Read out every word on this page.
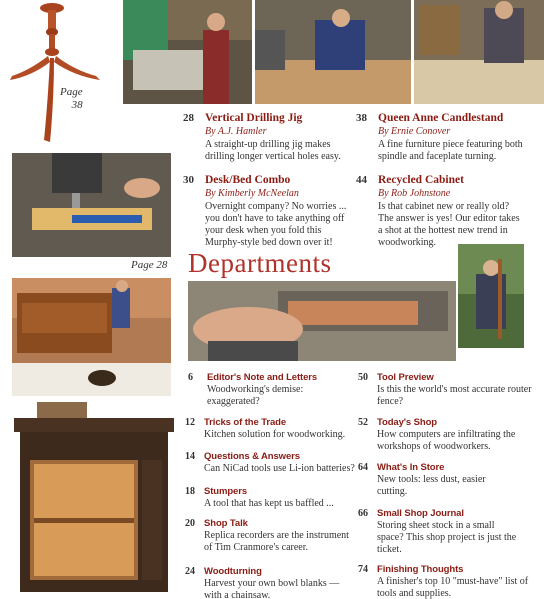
Page
38
Page 28
28 Vertical Drilling Jig
By A.J. Hamler
A straight-up drilling jig makes drilling longer vertical holes easy.
38 Queen Anne Candlestand
By Ernie Conover
A fine furniture piece featuring both spindle and faceplate turning.
30 Desk/Bed Combo
By Kimberly McNeelan
Overnight company? No worries ... you don't have to take anything off your desk when you fold this Murphy-style bed down over it!
44 Recycled Cabinet
By Rob Johnstone
Is that cabinet new or really old? The answer is yes! Our editor takes a shot at the hottest new trend in woodworking.
Departments
6 Editor's Note and Letters
Woodworking's demise: exaggerated?
12 Tricks of the Trade
Kitchen solution for woodworking.
14 Questions & Answers
Can NiCad tools use Li-ion batteries?
18 Stumpers
A tool that has kept us baffled ...
20 Shop Talk
Replica recorders are the instrument of Tim Cranmore's career.
24 Woodturning
Harvest your own bowl blanks — with a chainsaw.
50 Tool Preview
Is this the world's most accurate router fence?
52 Today's Shop
How computers are infiltrating the workshops of woodworkers.
64 What's In Store
New tools: less dust, easier cutting.
66 Small Shop Journal
Storing sheet stock in a small space? This shop project is just the ticket.
74 Finishing Thoughts
A finisher's top 10 "must-have" list of tools and supplies.
